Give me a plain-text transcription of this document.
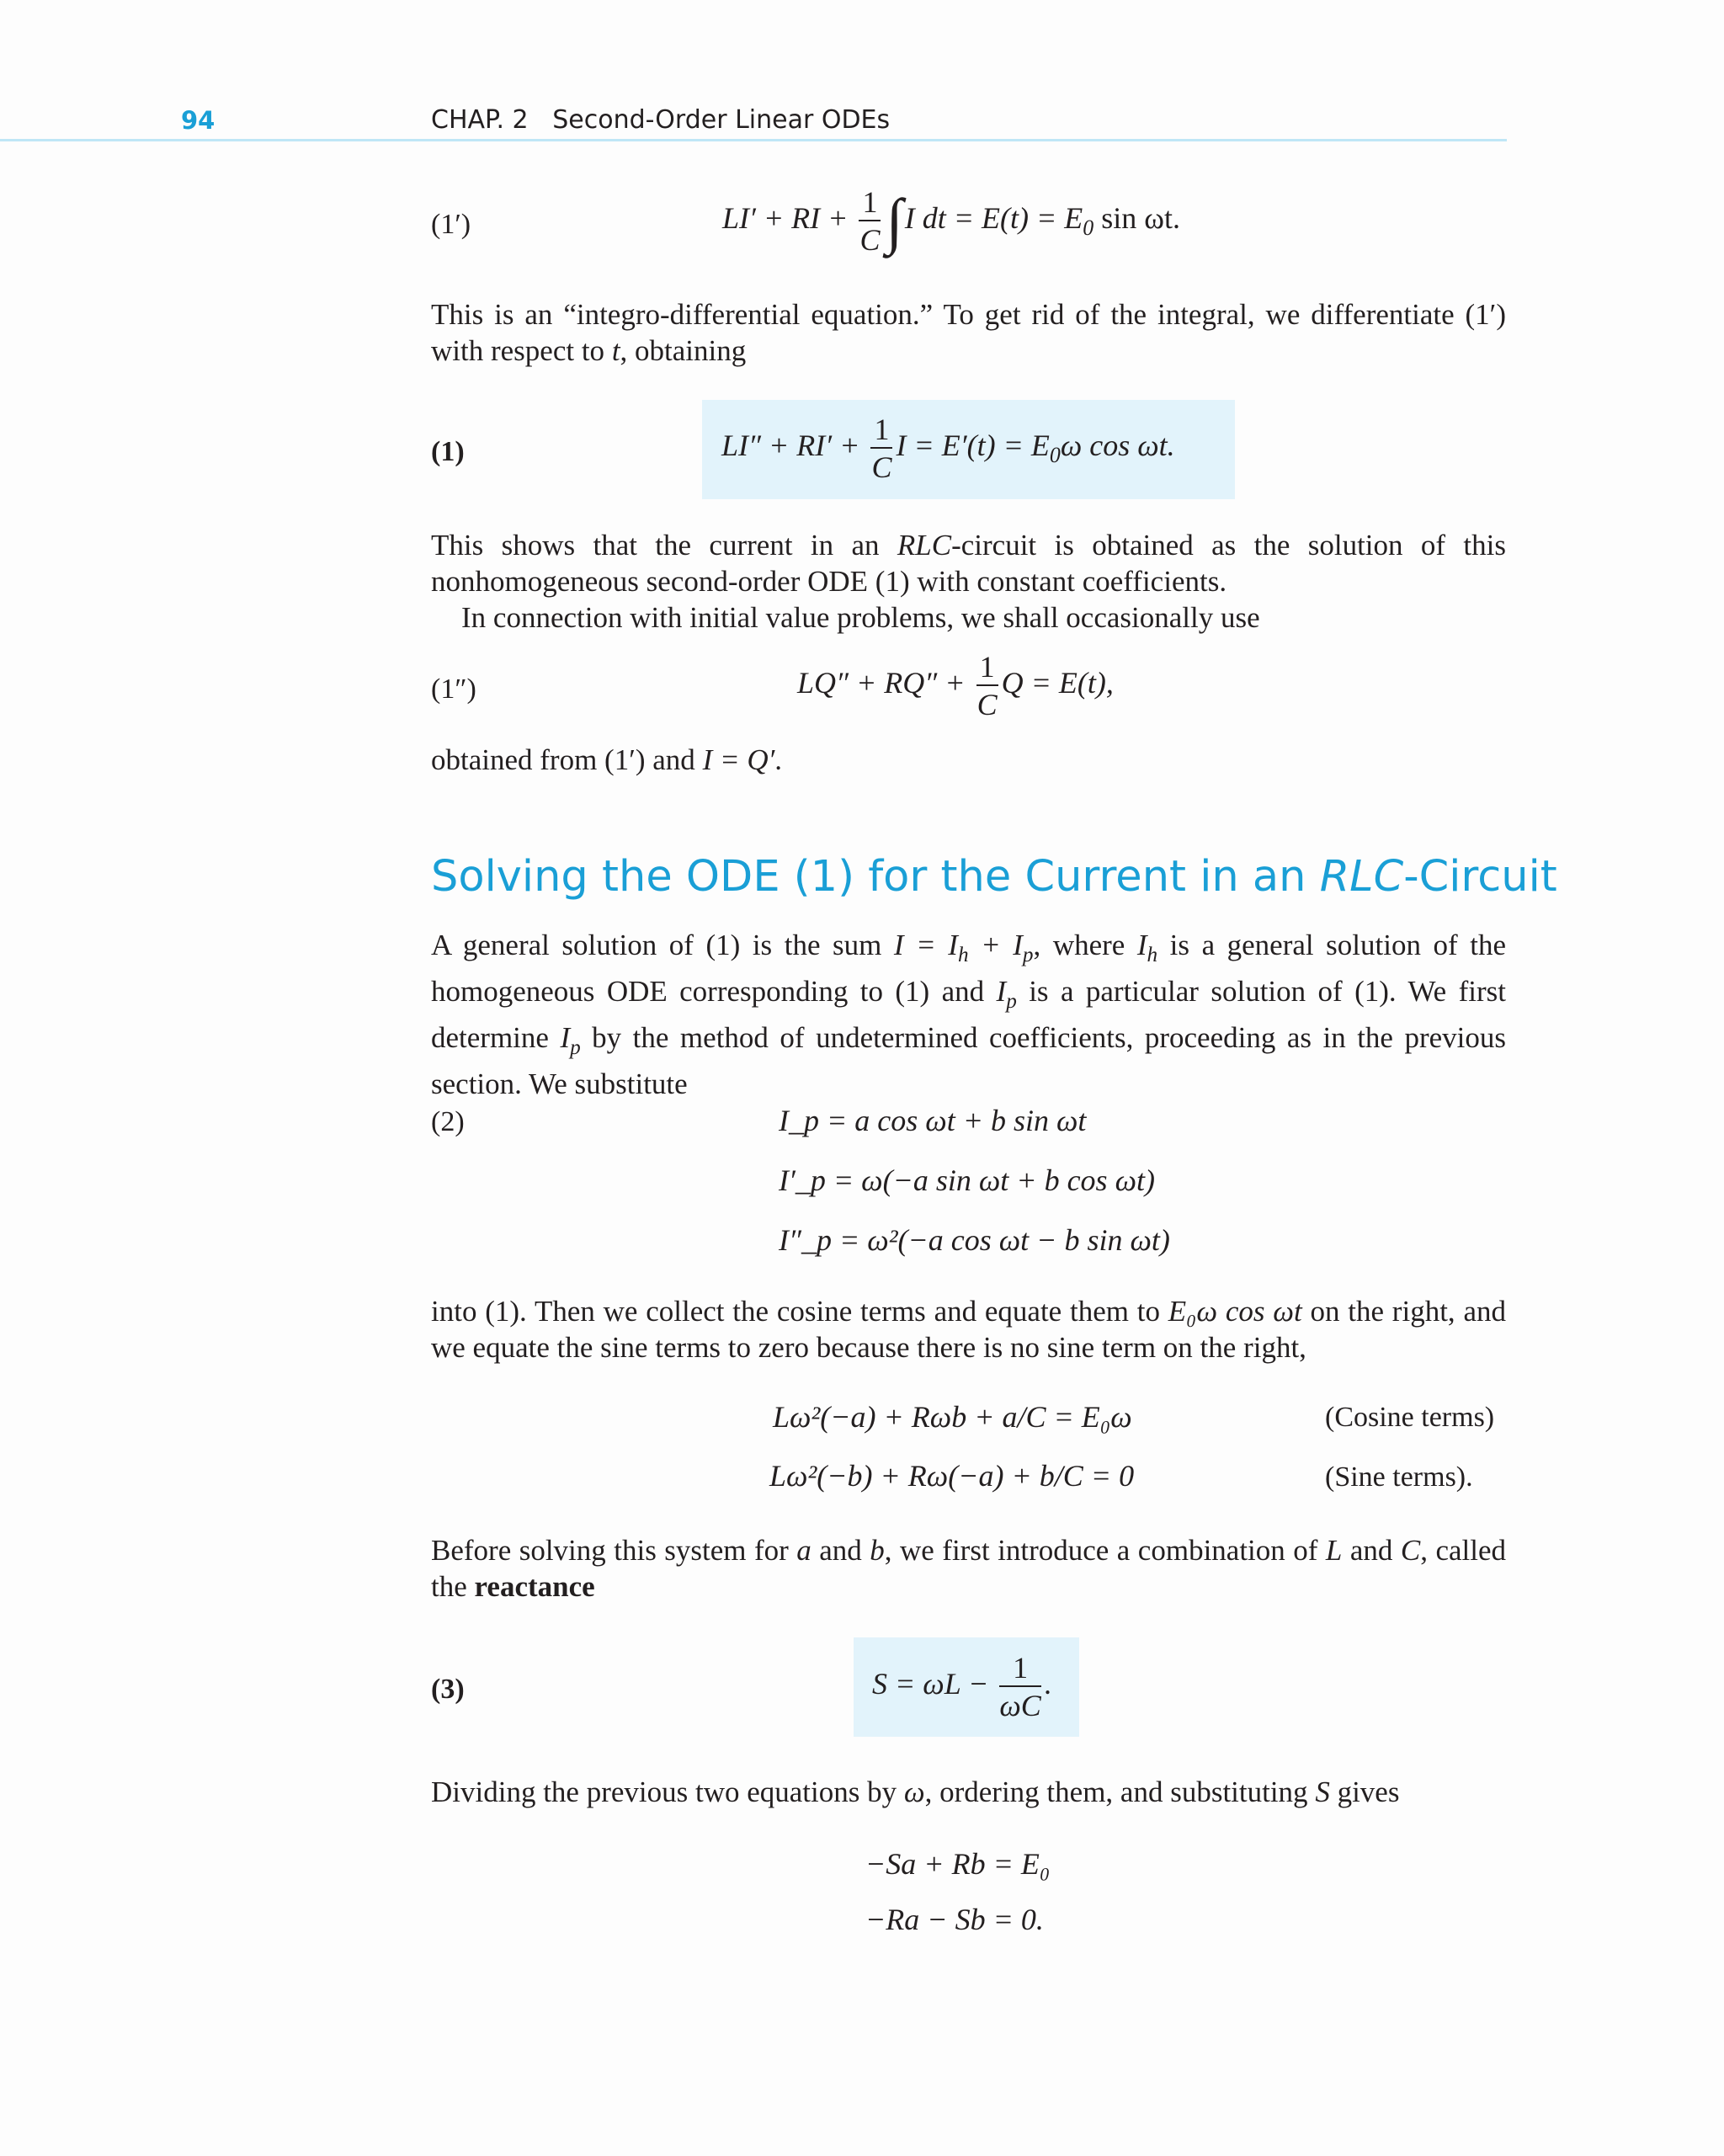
94	CHAP. 2   Second-Order Linear ODEs
(1′)	LI′ + RI + $\frac{1}{C} \int I$ dt = $E(t) = E_0$ sin ωt.
This is an “integro-differential equation.” To get rid of the integral, we differentiate (1′) with respect to t, obtaining
(1)	$LI'' + RI' + \frac{1}{C}$ $I = E'(t) = E_0\omega$ cos ωt.
This shows that the current in an RLC-circuit is obtained as the solution of this nonhomogeneous second-order ODE (1) with constant coefficients.
In connection with initial value problems, we shall occasionally use
(1″)	$LQ'' + RQ'' + \frac{1}{C}$ Q = E(t),
obtained from (1′) and I = Q′.
Solving the ODE (1) for the Current in an RLC-Circuit
A general solution of (1) is the sum $I = I_h + I_p$, where $I_h$ is a general solution of the homogeneous ODE corresponding to (1) and $I_p$ is a particular solution of (1). We first determine $I_p$ by the method of undetermined coefficients, proceeding as in the previous section. We substitute
(2)	I_p = a cos ωt + b sin ωt
I′_p = ω(−a sin ωt + b cos ωt)
I″_p = ω²(−a cos ωt − b sin ωt)
into (1). Then we collect the cosine terms and equate them to E₀ω cos ωt on the right, and we equate the sine terms to zero because there is no sine term on the right,
Lω²(−a) + Rωb + a/C = E₀ω	(Cosine terms)
Lω²(−b) + Rω(−a) + b/C = 0	(Sine terms).
Before solving this system for a and b, we first introduce a combination of L and C, called the reactance
(3)	$S = \omega L - \frac{1}{\omega C}$ .
Dividing the previous two equations by ω, ordering them, and substituting S gives
−Sa + Rb = E₀
−Ra − Sb = 0.
